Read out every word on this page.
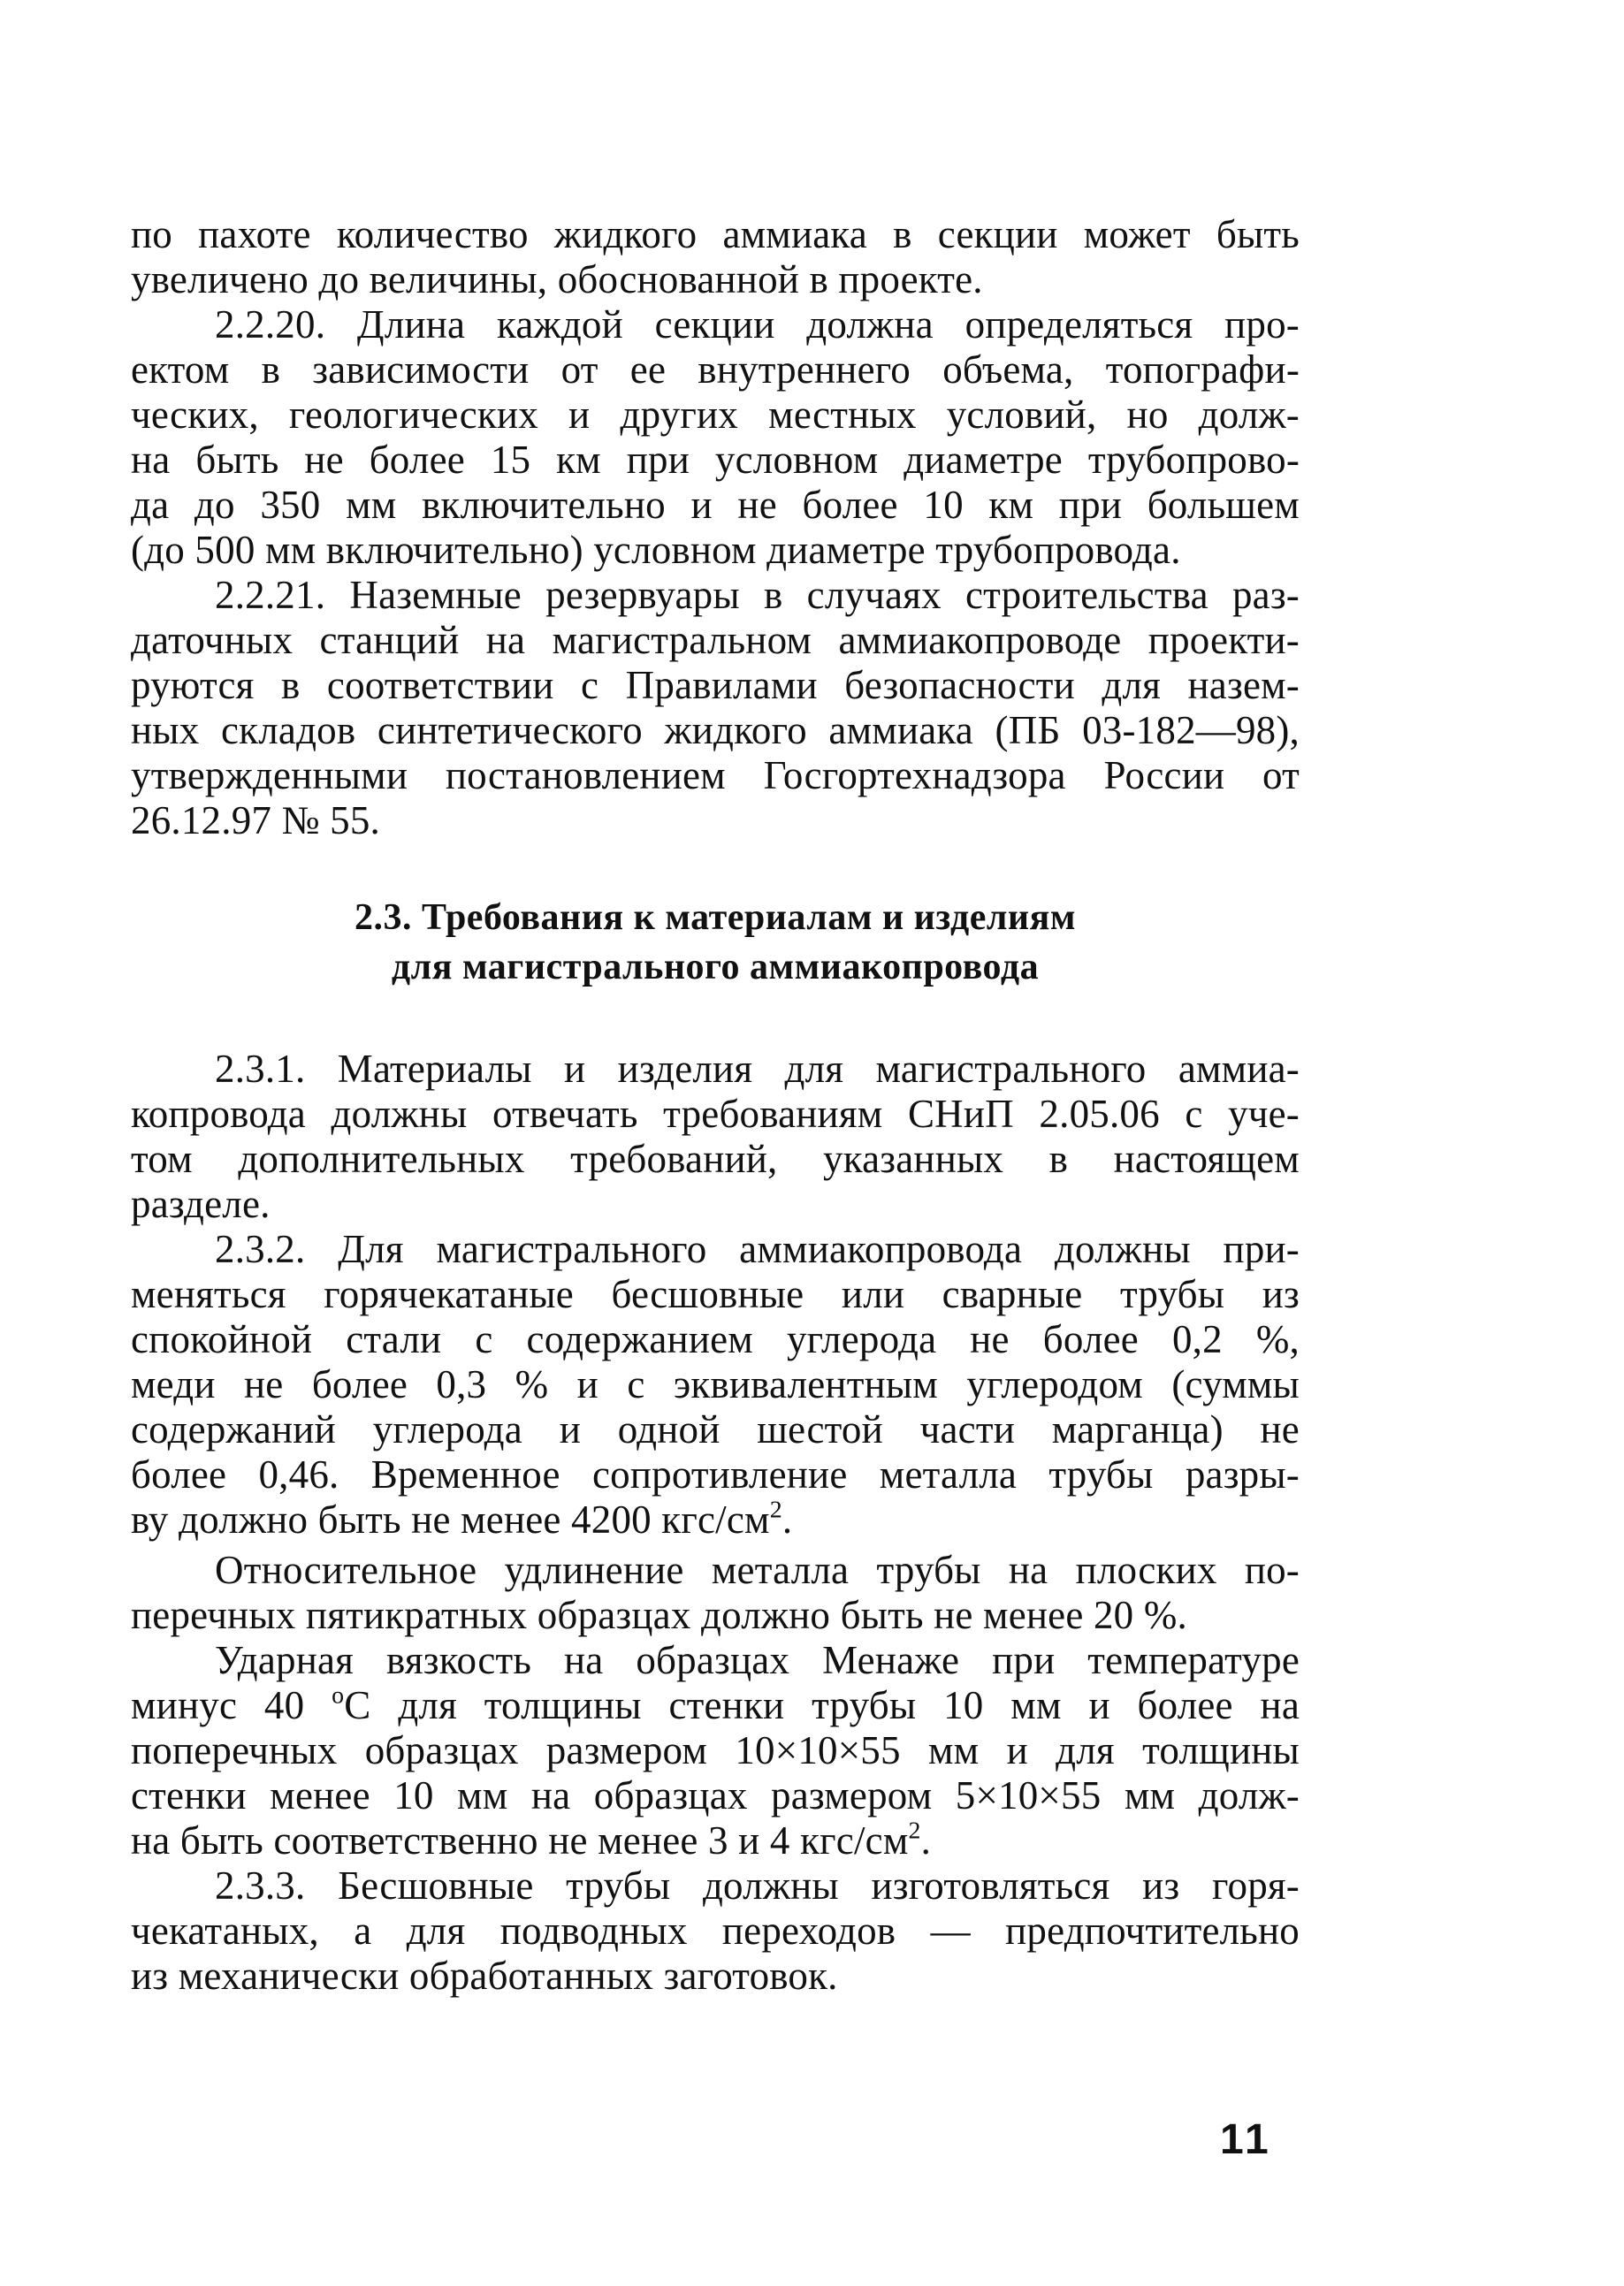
по пахоте количество жидкого аммиака в секции может быть
увеличено до величины, обоснованной в проекте.
2.2.20. Длина каждой секции должна определяться про-
ектом в зависимости от ее внутреннего объема, топографи-
ческих, геологических и других местных условий, но долж-
на быть не более 15 км при условном диаметре трубопрово-
да до 350 мм включительно и не более 10 км при большем
(до 500 мм включительно) условном диаметре трубопровода.
2.2.21. Наземные резервуары в случаях строительства раз-
даточных станций на магистральном аммиакопроводе проекти-
руются в соответствии с Правилами безопасности для назем-
ных складов синтетического жидкого аммиака (ПБ 03-182—98),
утвержденными постановлением Госгортехнадзора России от
26.12.97 № 55.
2.3. Требования к материалам и изделиям
для магистрального аммиакопровода
2.3.1. Материалы и изделия для магистрального аммиа-
копровода должны отвечать требованиям СНиП 2.05.06 с уче-
том дополнительных требований, указанных в настоящем
разделе.
2.3.2. Для магистрального аммиакопровода должны при-
меняться горячекатаные бесшовные или сварные трубы из
спокойной стали с содержанием углерода не более 0,2 %,
меди не более 0,3 % и с эквивалентным углеродом (суммы
содержаний углерода и одной шестой части марганца) не
более 0,46. Временное сопротивление металла трубы разры-
ву должно быть не менее 4200 кгс/$см^2$.
Относительное удлинение металла трубы на плоских по-
перечных пятикратных образцах должно быть не менее 20 %.
Ударная вязкость на образцах Менаже при температуре
минус 40 $^о$С для толщины стенки трубы 10 мм и более на
поперечных образцах размером 10×10×55 мм и для толщины
стенки менее 10 мм на образцах размером 5×10×55 мм долж-
на быть соответственно не менее 3 и 4 кгс/$см^2$.
2.3.3. Бесшовные трубы должны изготовляться из горя-
чекатаных, а для подводных переходов — предпочтительно
из механически обработанных заготовок.
11
